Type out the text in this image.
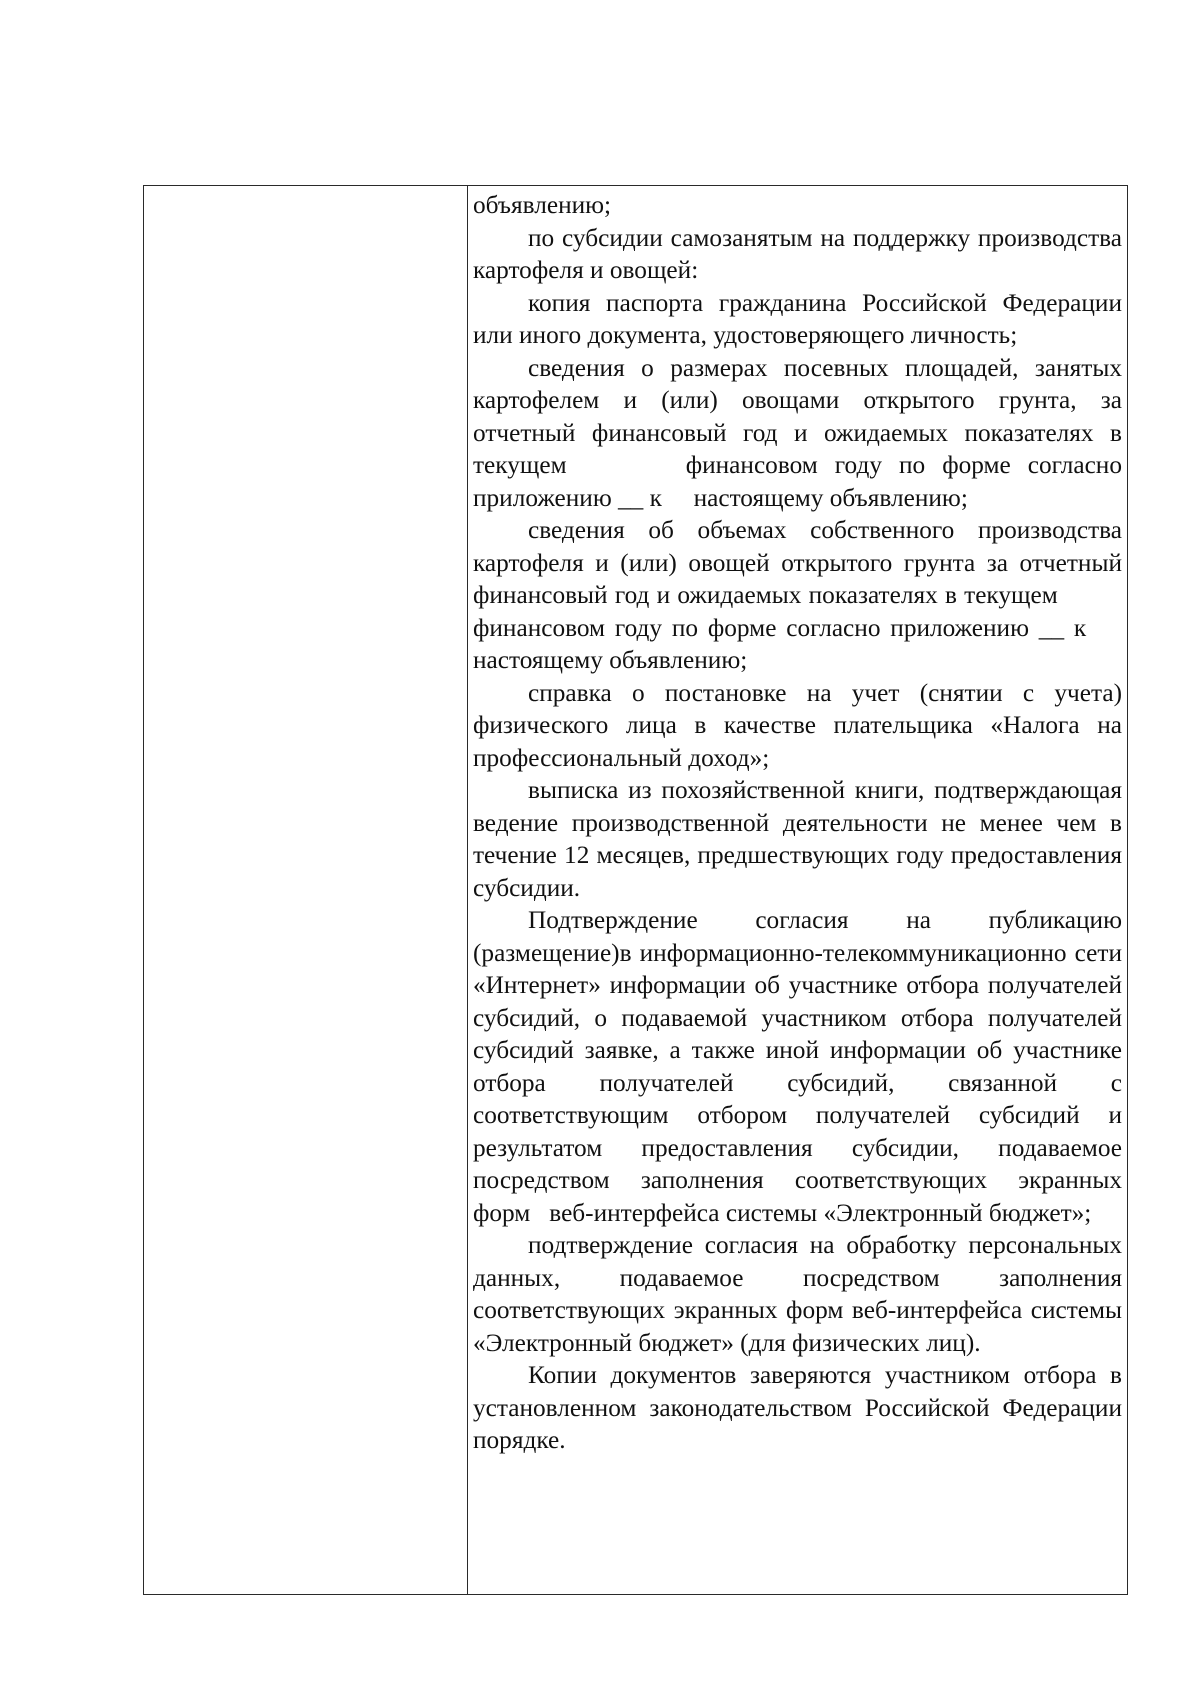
объявлению;

по субсидии самозанятым на поддержку производства картофеля и овощей:

копия паспорта гражданина Российской Федерации или иного документа, удостоверяющего личность;

сведения о размерах посевных площадей, занятых картофелем и (или) овощами открытого грунта, за отчетный финансовый год и ожидаемых показателях в текущем       финансовом году по форме согласно приложению __ к     настоящему объявлению;

сведения об объемах собственного производства картофеля и (или) овощей открытого грунта за отчетный финансовый год и ожидаемых показателях в текущем          финансовом году по форме согласно приложению __ к     настоящему объявлению;

справка о постановке на учет (снятии с учета) физического лица в качестве плательщика «Налога на профессиональный доход»;

выписка из похозяйственной книги, подтверждающая ведение производственной деятельности не менее чем в течение 12 месяцев, предшествующих году предоставления субсидии.

Подтверждение согласия на публикацию (размещение)в информационно-телекоммуникационно сети «Интернет» информации об участнике отбора получателей субсидий, о подаваемой участником отбора получателей субсидий заявке, а также иной информации об участнике отбора получателей субсидий, связанной с соответствующим отбором получателей субсидий и результатом предоставления субсидии, подаваемое посредством заполнения соответствующих экранных форм   веб-интерфейса системы «Электронный бюджет»;

подтверждение согласия на обработку персональных данных, подаваемое посредством заполнения соответствующих экранных форм веб-интерфейса системы «Электронный бюджет» (для физических лиц).

Копии документов заверяются участником отбора в установленном законодательством Российской Федерации порядке.
